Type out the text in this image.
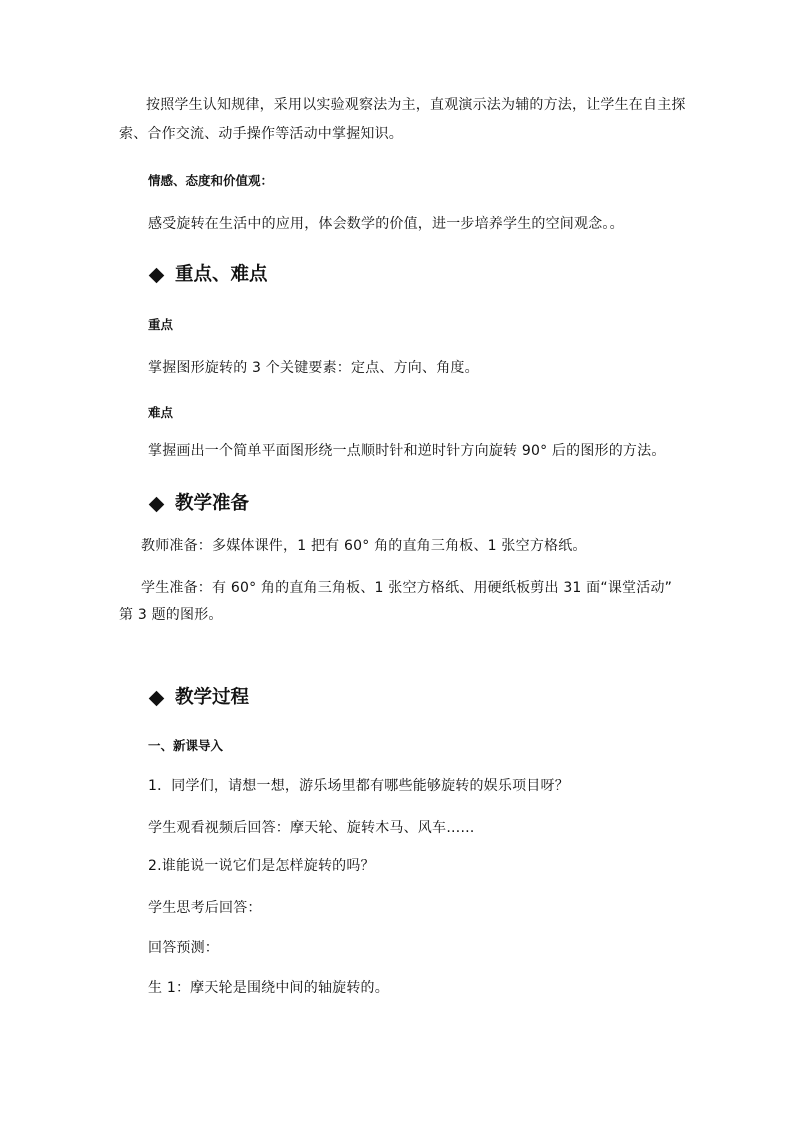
按照学生认知规律，采用以实验观察法为主，直观演示法为辅的方法，让学生在自主探
索、合作交流、动手操作等活动中掌握知识。
情感、态度和价值观：
感受旋转在生活中的应用，体会数学的价值，进一步培养学生的空间观念。。
重点、难点
重点
掌握图形旋转的 3 个关键要素：定点、方向、角度。
难点
掌握画出一个简单平面图形绕一点顺时针和逆时针方向旋转 90° 后的图形的方法。
教学准备
教师准备：多媒体课件，1 把有 60° 角的直角三角板、1 张空方格纸。
学生准备：有 60° 角的直角三角板、1 张空方格纸、用硬纸板剪出 31 面“课堂活动”
第 3 题的图形。
教学过程
一、新课导入
1．同学们，请想一想，游乐场里都有哪些能够旋转的娱乐项目呀？
学生观看视频后回答：摩天轮、旋转木马、风车……
2.谁能说一说它们是怎样旋转的吗？
学生思考后回答：
回答预测：
生 1：摩天轮是围绕中间的轴旋转的。
